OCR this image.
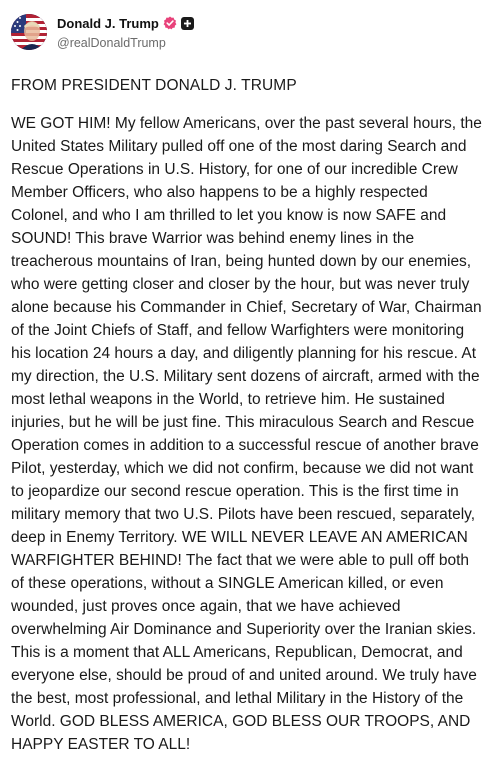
Donald J. Trump
@realDonaldTrump
FROM PRESIDENT DONALD J. TRUMP
WE GOT HIM! My fellow Americans, over the past several hours, the United States Military pulled off one of the most daring Search and Rescue Operations in U.S. History, for one of our incredible Crew Member Officers, who also happens to be a highly respected Colonel, and who I am thrilled to let you know is now SAFE and SOUND! This brave Warrior was behind enemy lines in the treacherous mountains of Iran, being hunted down by our enemies, who were getting closer and closer by the hour, but was never truly alone because his Commander in Chief, Secretary of War, Chairman of the Joint Chiefs of Staff, and fellow Warfighters were monitoring his location 24 hours a day, and diligently planning for his rescue. At my direction, the U.S. Military sent dozens of aircraft, armed with the most lethal weapons in the World, to retrieve him. He sustained injuries, but he will be just fine. This miraculous Search and Rescue Operation comes in addition to a successful rescue of another brave Pilot, yesterday, which we did not confirm, because we did not want to jeopardize our second rescue operation. This is the first time in military memory that two U.S. Pilots have been rescued, separately, deep in Enemy Territory. WE WILL NEVER LEAVE AN AMERICAN WARFIGHTER BEHIND! The fact that we were able to pull off both of these operations, without a SINGLE American killed, or even wounded, just proves once again, that we have achieved overwhelming Air Dominance and Superiority over the Iranian skies. This is a moment that ALL Americans, Republican, Democrat, and everyone else, should be proud of and united around. We truly have the best, most professional, and lethal Military in the History of the World. GOD BLESS AMERICA, GOD BLESS OUR TROOPS, AND HAPPY EASTER TO ALL!
